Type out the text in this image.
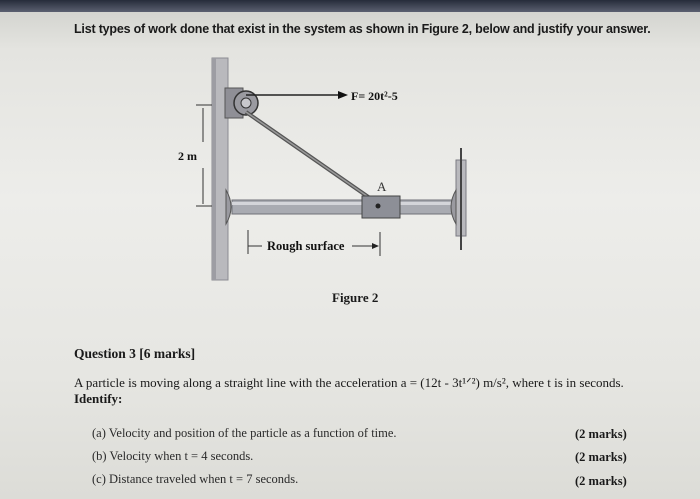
List types of work done that exist in the system as shown in Figure 2, below and justify your answer.
F= 20t²-5
2 m
A
Rough surface
Figure 2
Question 3 [6 marks]
A particle is moving along a straight line with the acceleration a = (12t - 3t¹ᐟ²) m/s², where t is in seconds.
Identify:
(a) Velocity and position of the particle as a function of time.	(2 marks)
(b) Velocity when t = 4 seconds.	(2 marks)
(c) Distance traveled when t = 7 seconds.	(2 marks)
